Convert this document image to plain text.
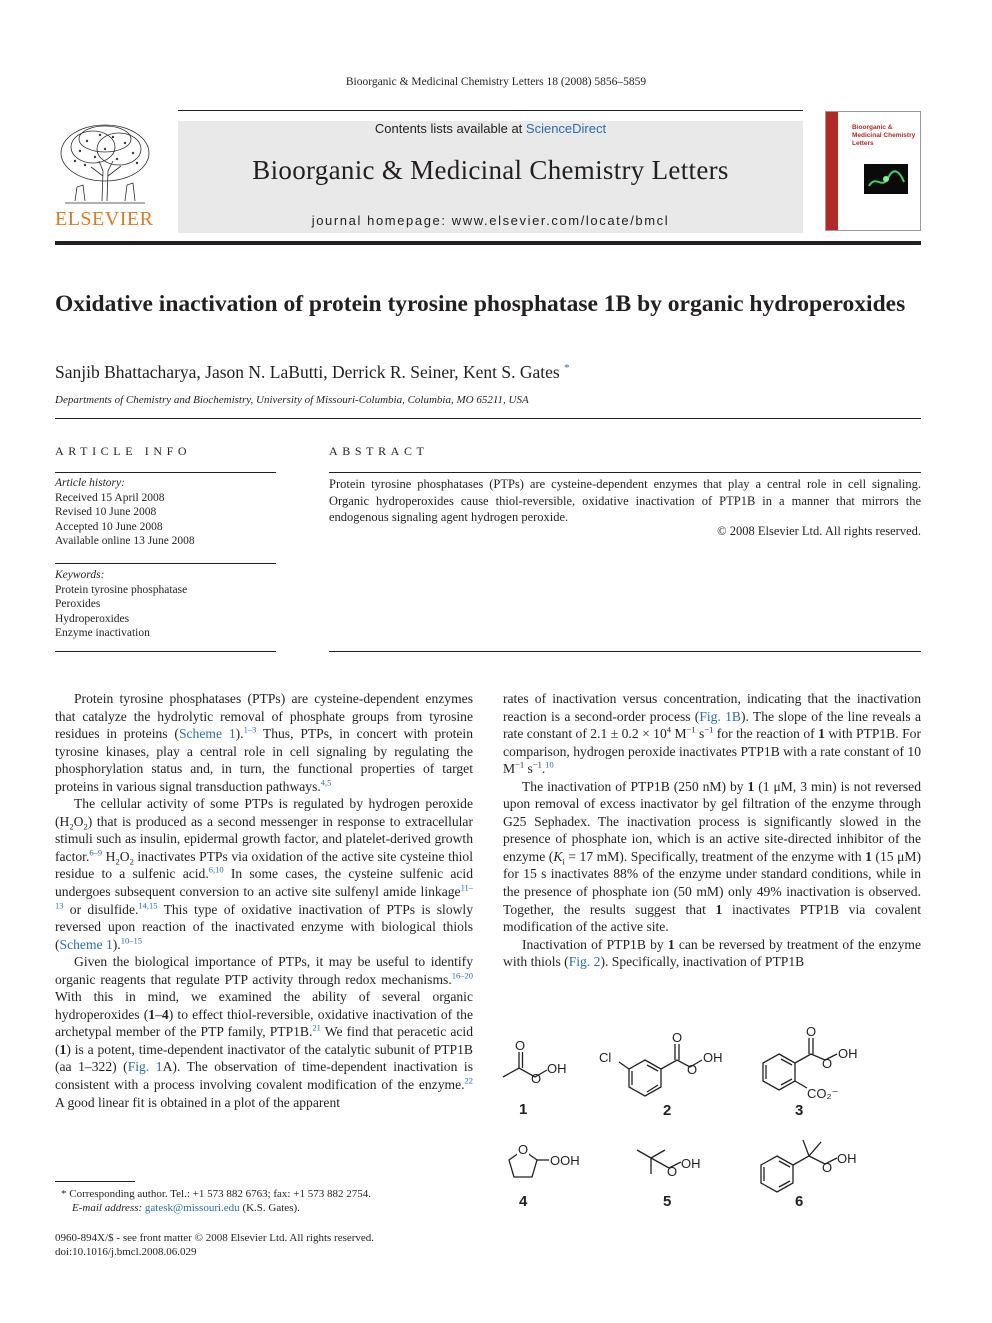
Bioorganic & Medicinal Chemistry Letters 18 (2008) 5856–5859
ELSEVIER
Contents lists available at ScienceDirect
Bioorganic & Medicinal Chemistry Letters
journal homepage: www.elsevier.com/locate/bmcl
Bioorganic & Medicinal Chemistry Letters
Oxidative inactivation of protein tyrosine phosphatase 1B by organic hydroperoxides
Sanjib Bhattacharya, Jason N. LaButti, Derrick R. Seiner, Kent S. Gates *
Departments of Chemistry and Biochemistry, University of Missouri-Columbia, Columbia, MO 65211, USA
ARTICLE INFO
Article history:
Received 15 April 2008
Revised 10 June 2008
Accepted 10 June 2008
Available online 13 June 2008
Keywords:
Protein tyrosine phosphatase
Peroxides
Hydroperoxides
Enzyme inactivation
ABSTRACT
Protein tyrosine phosphatases (PTPs) are cysteine-dependent enzymes that play a central role in cell signaling. Organic hydroperoxides cause thiol-reversible, oxidative inactivation of PTP1B in a manner that mirrors the endogenous signaling agent hydrogen peroxide.
© 2008 Elsevier Ltd. All rights reserved.

Protein tyrosine phosphatases (PTPs) are cysteine-dependent enzymes that catalyze the hydrolytic removal of phosphate groups from tyrosine residues in proteins (Scheme 1).$^{1-3}$ Thus, PTPs, in concert with protein tyrosine kinases, play a central role in cell signaling by regulating the phosphorylation status and, in turn, the functional properties of target proteins in various signal transduction pathways.$^{4,5}$

The cellular activity of some PTPs is regulated by hydrogen peroxide $(H_2O_2)$ that is produced as a second messenger in response to extracellular stimuli such as insulin, epidermal growth factor, and platelet-derived growth factor.$^{6-9}$ $H_2O_2$ inactivates PTPs via oxidation of the active site cysteine thiol residue to a sulfenic acid.$^{6,10}$ In some cases, the cysteine sulfenic acid undergoes subsequent conversion to an active site sulfenyl amide linkage$^{11-13}$ or disulfide.$^{14,15}$ This type of oxidative inactivation of PTPs is slowly reversed upon reaction of the inactivated enzyme with biological thiols (Scheme 1).$^{10-15}$

Given the biological importance of PTPs, it may be useful to identify organic reagents that regulate PTP activity through redox mechanisms.$^{16-20}$ With this in mind, we examined the ability of several organic hydroperoxides (1–4) to effect thiol-reversible, oxidative inactivation of the archetypal member of the PTP family, PTP1B.$^{21}$ We find that peracetic acid (1) is a potent, time-dependent inactivator of the catalytic subunit of PTP1B (aa 1–322) (Fig. 1A). The observation of time-dependent inactivation is consistent with a process involving covalent modification of the enzyme.$^{22}$ A good linear fit is obtained in a plot of the apparent

rates of inactivation versus concentration, indicating that the inactivation reaction is a second-order process (Fig. 1B). The slope of the line reveals a rate constant of $2.1 \pm 0.2 \times 10^4$ $M^{-1}$ $s^{-1}$ for the reaction of 1 with PTP1B. For comparison, hydrogen peroxide inactivates PTP1B with a rate constant of 10 $M^{-1}$ $s^{-1}.^{10}$

The inactivation of PTP1B (250 nM) by 1 (1 μM, 3 min) is not reversed upon removal of excess inactivator by gel filtration of the enzyme through G25 Sephadex. The inactivation process is significantly slowed in the presence of phosphate ion, which is an active site-directed inhibitor of the enzyme ($K_i = 17$ mM). Specifically, treatment of the enzyme with 1 (15 μM) for 15 s inactivates 88% of the enzyme under standard conditions, while in the presence of phosphate ion (50 mM) only 49% inactivation is observed. Together, the results suggest that 1 inactivates PTP1B via covalent modification of the active site.

Inactivation of PTP1B by 1 can be reversed by treatment of the enzyme with thiols (Fig. 2). Specifically, inactivation of PTP1B

O
O
OH
1
Cl
O
O
OH
2
O
O
OH
CO₂⁻
3
O
OOH
4
O
OH
5
O
OH
6
* Corresponding author. Tel.: +1 573 882 6763; fax: +1 573 882 2754.
E-mail address: gatesk@missouri.edu (K.S. Gates).
0960-894X/$ - see front matter © 2008 Elsevier Ltd. All rights reserved.
doi:10.1016/j.bmcl.2008.06.029
